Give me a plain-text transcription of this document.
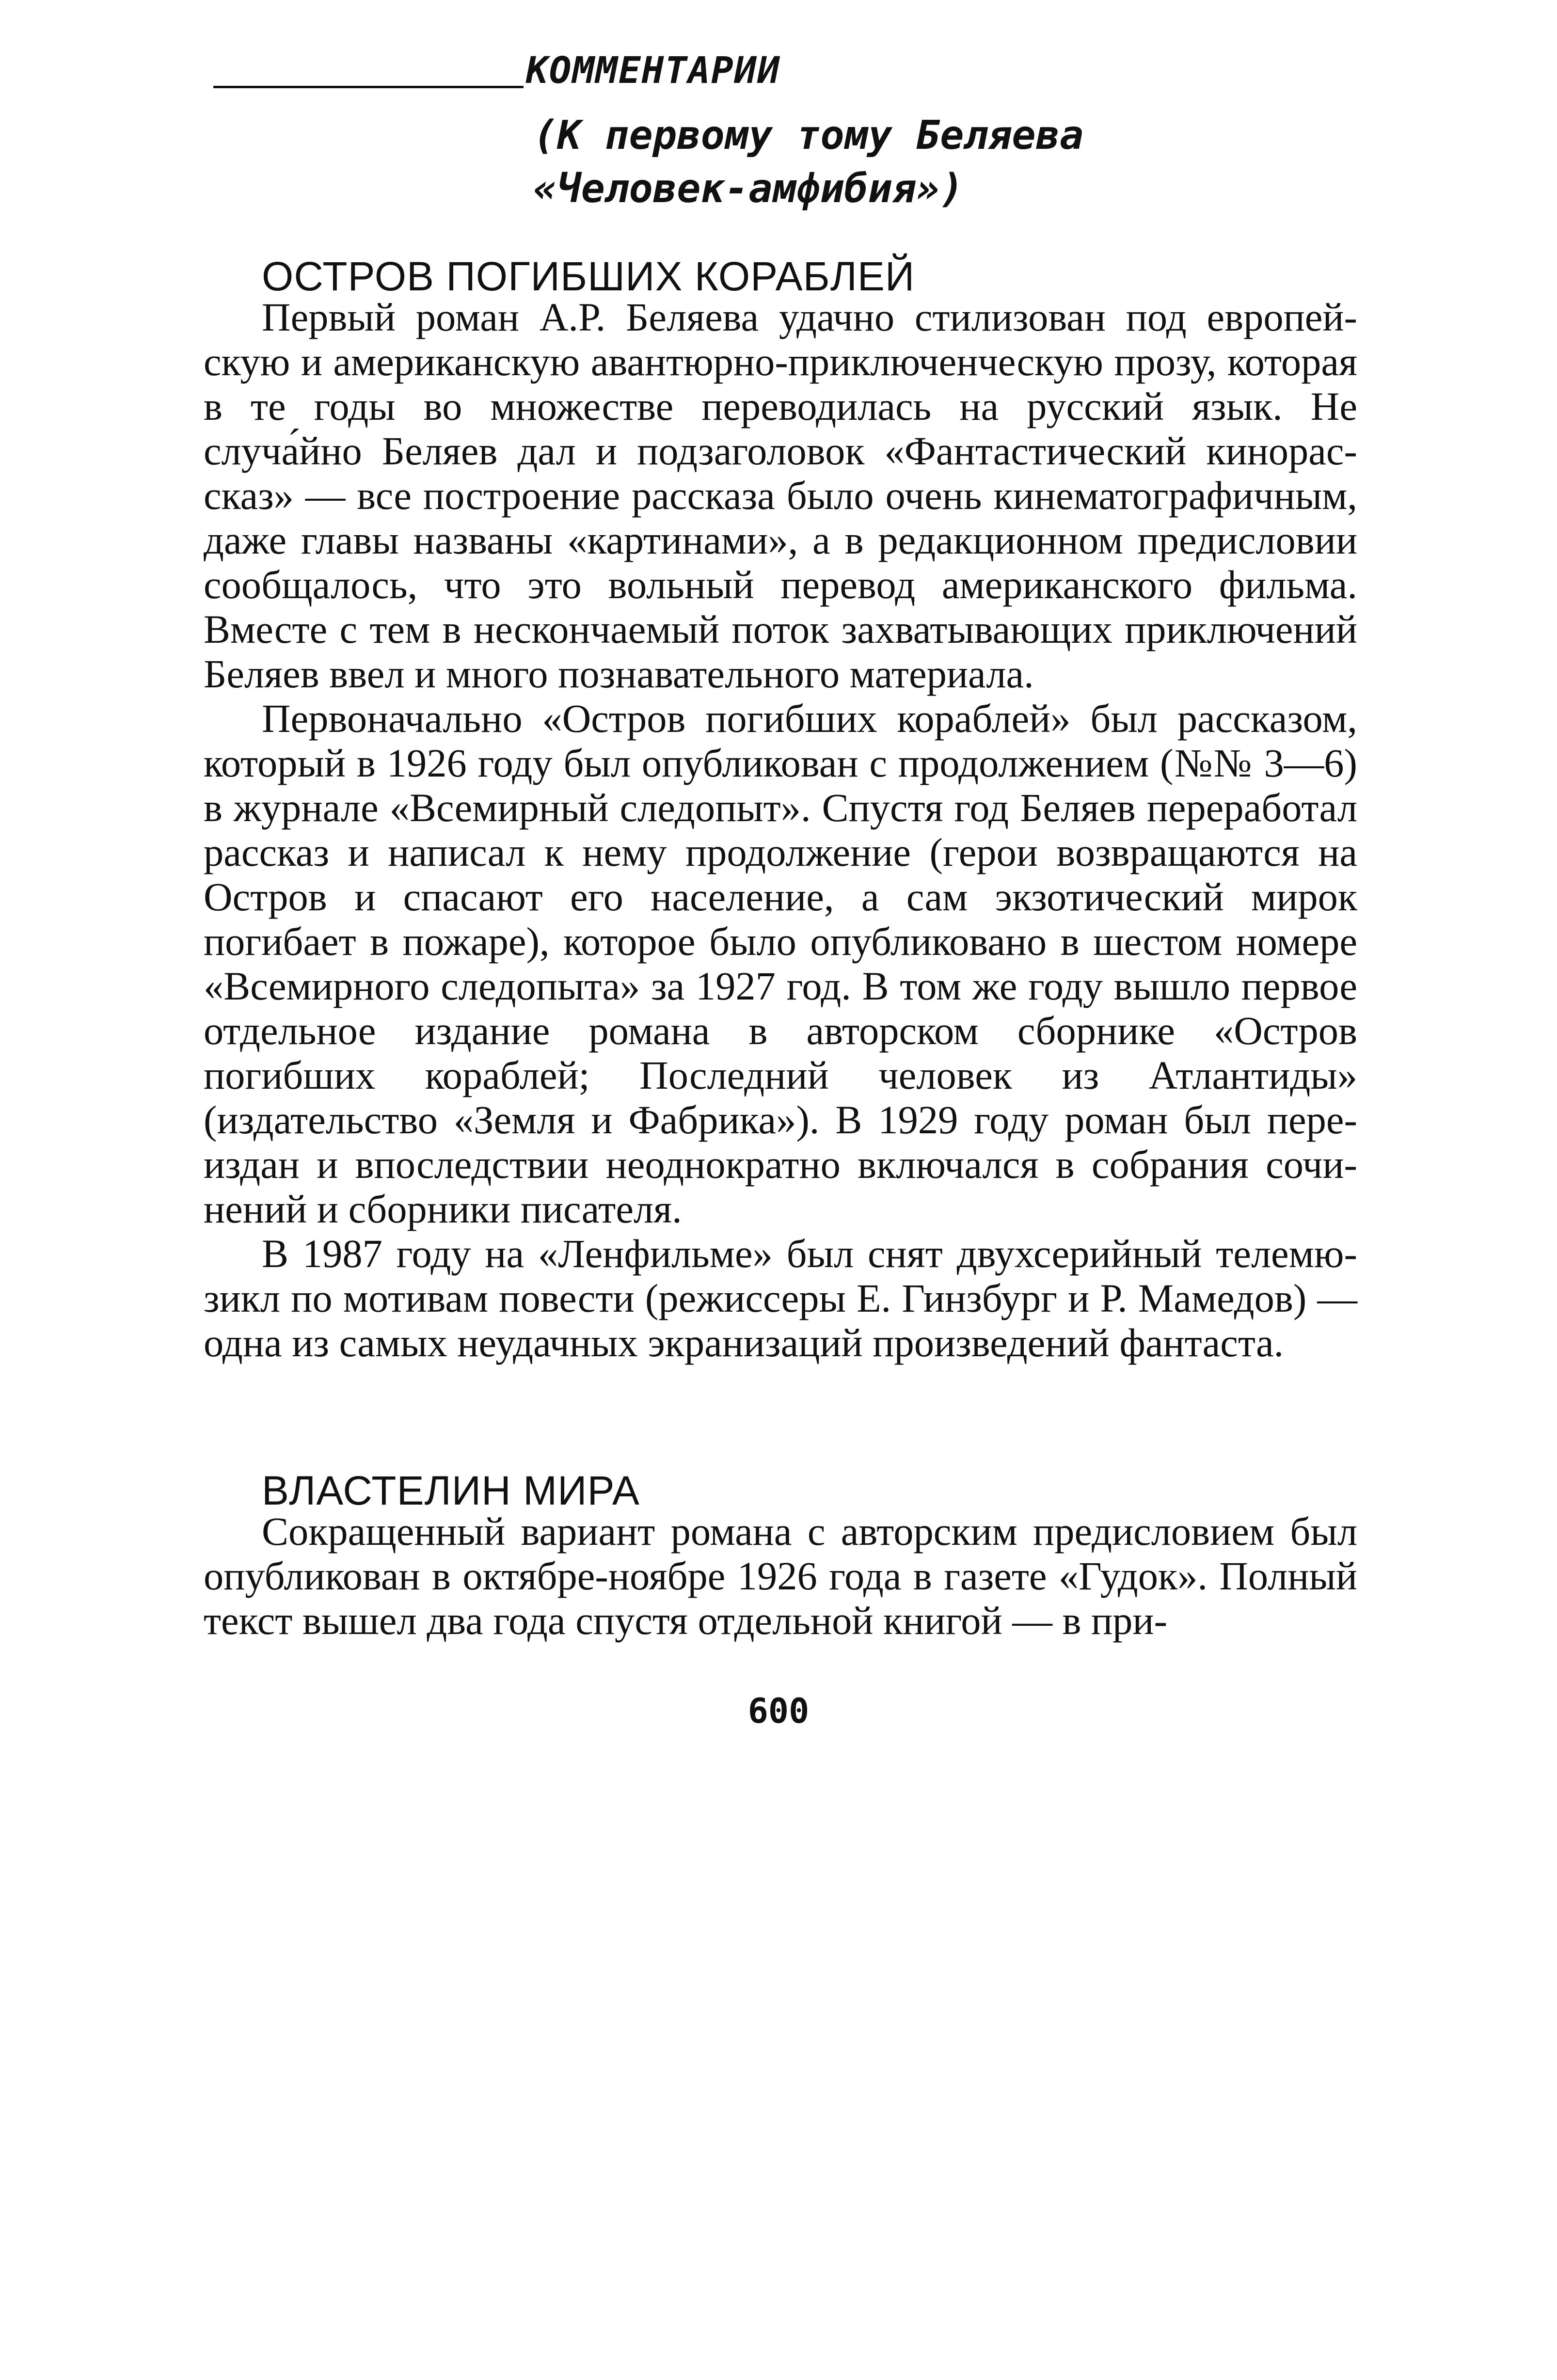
КОММЕНТАРИИ
(К первому тому Беляева
«Человек-амфибия»)
ОСТРОВ ПОГИБШИХ КОРАБЛЕЙ

Первый роман А.Р. Беляева удачно стилизован под европейскую и американскую авантюрно-приключенческую прозу, которая в те годы во множестве переводилась на русский язык. Не случа́йно Беляев дал и подзаголовок «Фантастический кинорассказ» — все построение рассказа было очень кинематографичным, даже главы названы «картинами», а в редакционном предисловии сообщалось, что это вольный перевод американского фильма. Вместе с тем в нескончаемый поток захватывающих приключений Беляев ввел и много познавательного материала.

Первоначально «Остров погибших кораблей» был рассказом, который в 1926 году был опубликован с продолжением (№№ 3—6) в журнале «Всемирный следопыт». Спустя год Беляев переработал рассказ и написал к нему продолжение (герои возвращаются на Остров и спасают его население, а сам экзотический мирок погибает в пожаре), которое было опубликовано в шестом номере «Всемирного следопыта» за 1927 год. В том же году вышло первое отдельное издание романа в авторском сборнике «Остров погибших кораблей; Последний человек из Атлантиды» (издательство «Земля и Фабрика»). В 1929 году роман был переиздан и впоследствии неоднократно включался в собрания сочинений и сборники писателя.

В 1987 году на «Ленфильме» был снят двухсерийный телемюзикл по мотивам повести (режиссеры Е. Гинзбург и Р. Мамедов) — одна из самых неудачных экранизаций произведений фантаста.

ВЛАСТЕЛИН МИРА

Сокращенный вариант романа с авторским предисловием был опубликован в октябре-ноябре 1926 года в газете «Гудок». Полный текст вышел два года спустя отдельной книгой — в при-

600
